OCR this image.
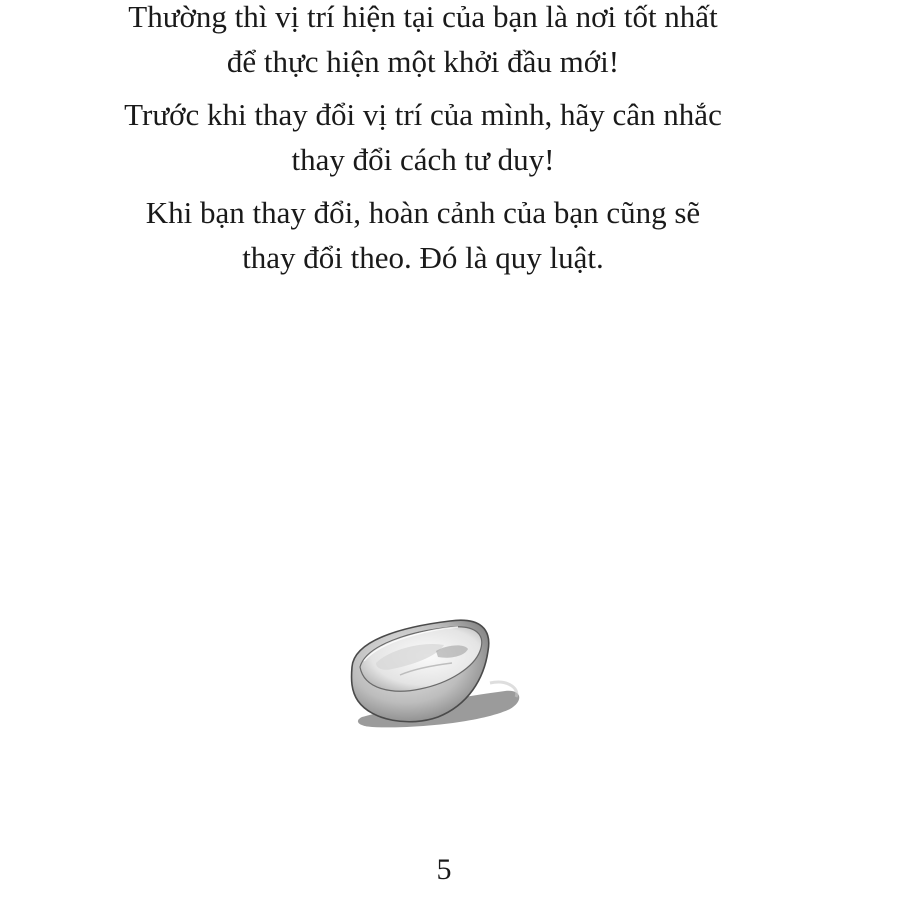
Thường thì vị trí hiện tại của bạn là nơi tốt nhất
để thực hiện một khởi đầu mới!

Trước khi thay đổi vị trí của mình, hãy cân nhắc
thay đổi cách tư duy!

Khi bạn thay đổi, hoàn cảnh của bạn cũng sẽ
thay đổi theo. Đó là quy luật.

5
